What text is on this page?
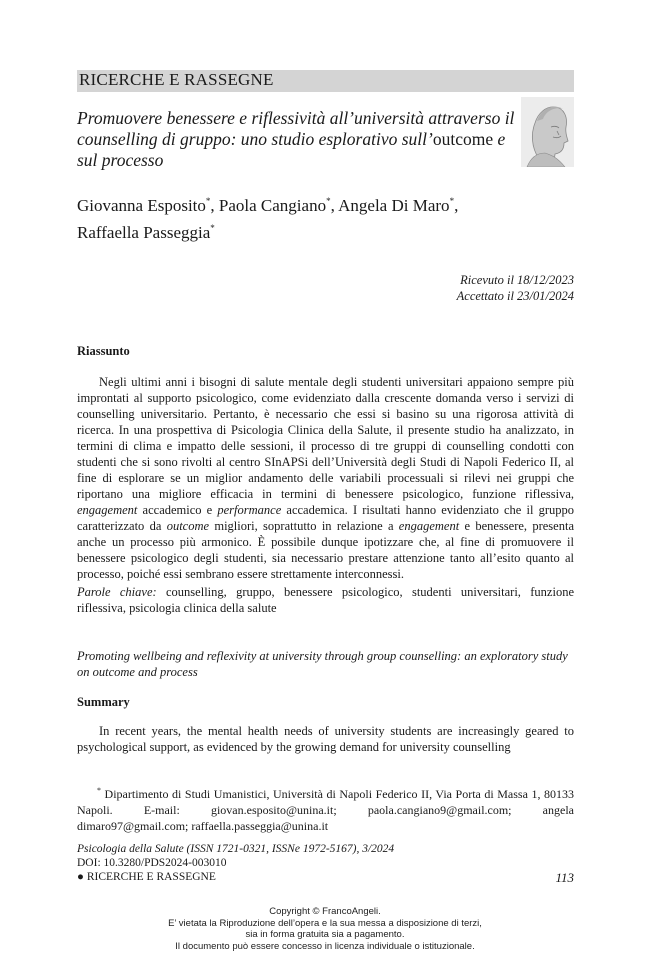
RICERCHE E RASSEGNE
Promuovere benessere e riflessività all’università attraverso il counselling di gruppo: uno studio esplorativo sull’outcome e sul processo
Giovanna Esposito*, Paola Cangiano*, Angela Di Maro*,
Raffaella Passeggia*
Ricevuto il 18/12/2023
Accettato il 23/01/2024
Riassunto
Negli ultimi anni i bisogni di salute mentale degli studenti universitari appaiono sempre più improntati al supporto psicologico, come evidenziato dalla crescente domanda verso i servizi di counselling universitario. Pertanto, è necessario che essi si basino su una rigorosa attività di ricerca. In una prospettiva di Psicologia Clinica della Salute, il presente studio ha analizzato, in termini di clima e impatto delle sessioni, il processo di tre gruppi di counselling condotti con studenti che si sono rivolti al centro SInAPSi dell’Università degli Studi di Napoli Federico II, al fine di esplorare se un miglior andamento delle variabili processuali si rilevi nei gruppi che riportano una migliore efficacia in termini di benessere psicologico, funzione riflessiva, engagement accademico e performance accademica. I risultati hanno evidenziato che il gruppo caratterizzato da outcome migliori, soprattutto in relazione a engagement e benessere, presenta anche un processo più armonico. È possibile dunque ipotizzare che, al fine di promuovere il benessere psicologico degli studenti, sia necessario prestare attenzione tanto all’esito quanto al processo, poiché essi sembrano essere strettamente interconnessi.
Parole chiave: counselling, gruppo, benessere psicologico, studenti universitari, funzione riflessiva, psicologia clinica della salute
Promoting wellbeing and reflexivity at university through group counselling: an exploratory study on outcome and process
Summary
In recent years, the mental health needs of university students are increasingly geared to psychological support, as evidenced by the growing demand for university counselling
* Dipartimento di Studi Umanistici, Università di Napoli Federico II, Via Porta di Massa 1, 80133 Napoli. E-mail: giovan.esposito@unina.it; paola.cangiano9@gmail.com; angela dimaro97@gmail.com; raffaella.passeggia@unina.it
Psicologia della Salute (ISSN 1721-0321, ISSNe 1972-5167), 3/2024
DOI: 10.3280/PDS2024-003010
● RICERCHE E RASSEGNE	113
Copyright © FrancoAngeli.
E’ vietata la Riproduzione dell’opera e la sua messa a disposizione di terzi,
sia in forma gratuita sia a pagamento.
Il documento può essere concesso in licenza individuale o istituzionale.
